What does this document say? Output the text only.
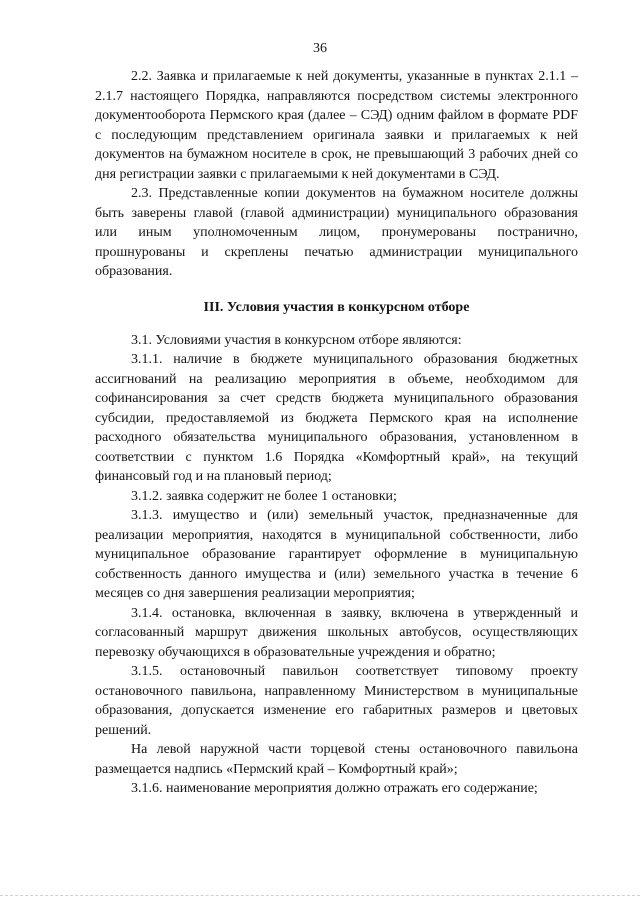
36

2.2. Заявка и прилагаемые к ней документы, указанные в пунктах 2.1.1 – 2.1.7 настоящего Порядка, направляются посредством системы электронного документооборота Пермского края (далее – СЭД) одним файлом в формате PDF с последующим представлением оригинала заявки и прилагаемых к ней документов на бумажном носителе в срок, не превышающий 3 рабочих дней со дня регистрации заявки с прилагаемыми к ней документами в СЭД.

2.3. Представленные копии документов на бумажном носителе должны быть заверены главой (главой администрации) муниципального образования или иным уполномоченным лицом, пронумерованы постранично, прошнурованы и скреплены печатью администрации муниципального образования.

III. Условия участия в конкурсном отборе

3.1. Условиями участия в конкурсном отборе являются:

3.1.1. наличие в бюджете муниципального образования бюджетных ассигнований на реализацию мероприятия в объеме, необходимом для софинансирования за счет средств бюджета муниципального образования субсидии, предоставляемой из бюджета Пермского края на исполнение расходного обязательства муниципального образования, установленном в соответствии с пунктом 1.6 Порядка «Комфортный край», на текущий финансовый год и на плановый период;

3.1.2. заявка содержит не более 1 остановки;

3.1.3. имущество и (или) земельный участок, предназначенные для реализации мероприятия, находятся в муниципальной собственности, либо муниципальное образование гарантирует оформление в муниципальную собственность данного имущества и (или) земельного участка в течение 6 месяцев со дня завершения реализации мероприятия;

3.1.4. остановка, включенная в заявку, включена в утвержденный и согласованный маршрут движения школьных автобусов, осуществляющих перевозку обучающихся в образовательные учреждения и обратно;

3.1.5. остановочный павильон соответствует типовому проекту остановочного павильона, направленному Министерством в муниципальные образования, допускается изменение его габаритных размеров и цветовых решений.

На левой наружной части торцевой стены остановочного павильона размещается надпись «Пермский край – Комфортный край»;

3.1.6. наименование мероприятия должно отражать его содержание;
